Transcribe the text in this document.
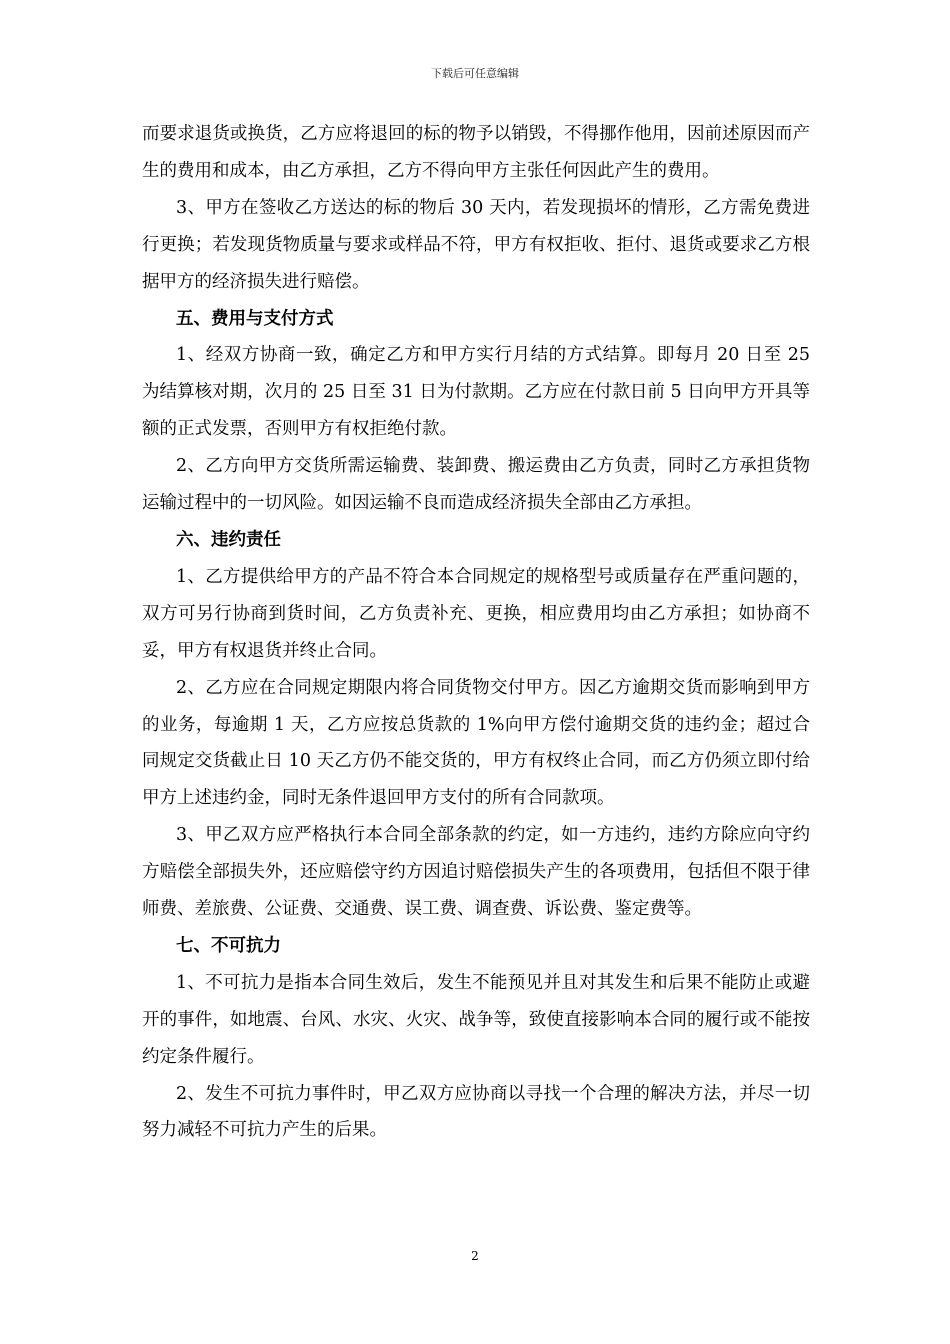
下载后可任意编辑

而要求退货或换货，乙方应将退回的标的物予以销毁，不得挪作他用，因前述原因而产生的费用和成本，由乙方承担，乙方不得向甲方主张任何因此产生的费用。

3、甲方在签收乙方送达的标的物后 30 天内，若发现损坏的情形，乙方需免费进行更换；若发现货物质量与要求或样品不符，甲方有权拒收、拒付、退货或要求乙方根据甲方的经济损失进行赔偿。

五、费用与支付方式

1、经双方协商一致，确定乙方和甲方实行月结的方式结算。即每月 20 日至 25 为结算核对期，次月的 25 日至 31 日为付款期。乙方应在付款日前 5 日向甲方开具等额的正式发票，否则甲方有权拒绝付款。

2、乙方向甲方交货所需运输费、装卸费、搬运费由乙方负责，同时乙方承担货物运输过程中的一切风险。如因运输不良而造成经济损失全部由乙方承担。

六、违约责任

1、乙方提供给甲方的产品不符合本合同规定的规格型号或质量存在严重问题的，双方可另行协商到货时间，乙方负责补充、更换，相应费用均由乙方承担；如协商不妥，甲方有权退货并终止合同。

2、乙方应在合同规定期限内将合同货物交付甲方。因乙方逾期交货而影响到甲方的业务，每逾期 1 天，乙方应按总货款的 1%向甲方偿付逾期交货的违约金；超过合同规定交货截止日 10 天乙方仍不能交货的，甲方有权终止合同，而乙方仍须立即付给甲方上述违约金，同时无条件退回甲方支付的所有合同款项。

3、甲乙双方应严格执行本合同全部条款的约定，如一方违约，违约方除应向守约方赔偿全部损失外，还应赔偿守约方因追讨赔偿损失产生的各项费用，包括但不限于律师费、差旅费、公证费、交通费、误工费、调查费、诉讼费、鉴定费等。

七、不可抗力

1、不可抗力是指本合同生效后，发生不能预见并且对其发生和后果不能防止或避开的事件，如地震、台风、水灾、火灾、战争等，致使直接影响本合同的履行或不能按约定条件履行。

2、发生不可抗力事件时，甲乙双方应协商以寻找一个合理的解决方法，并尽一切努力减轻不可抗力产生的后果。

2
